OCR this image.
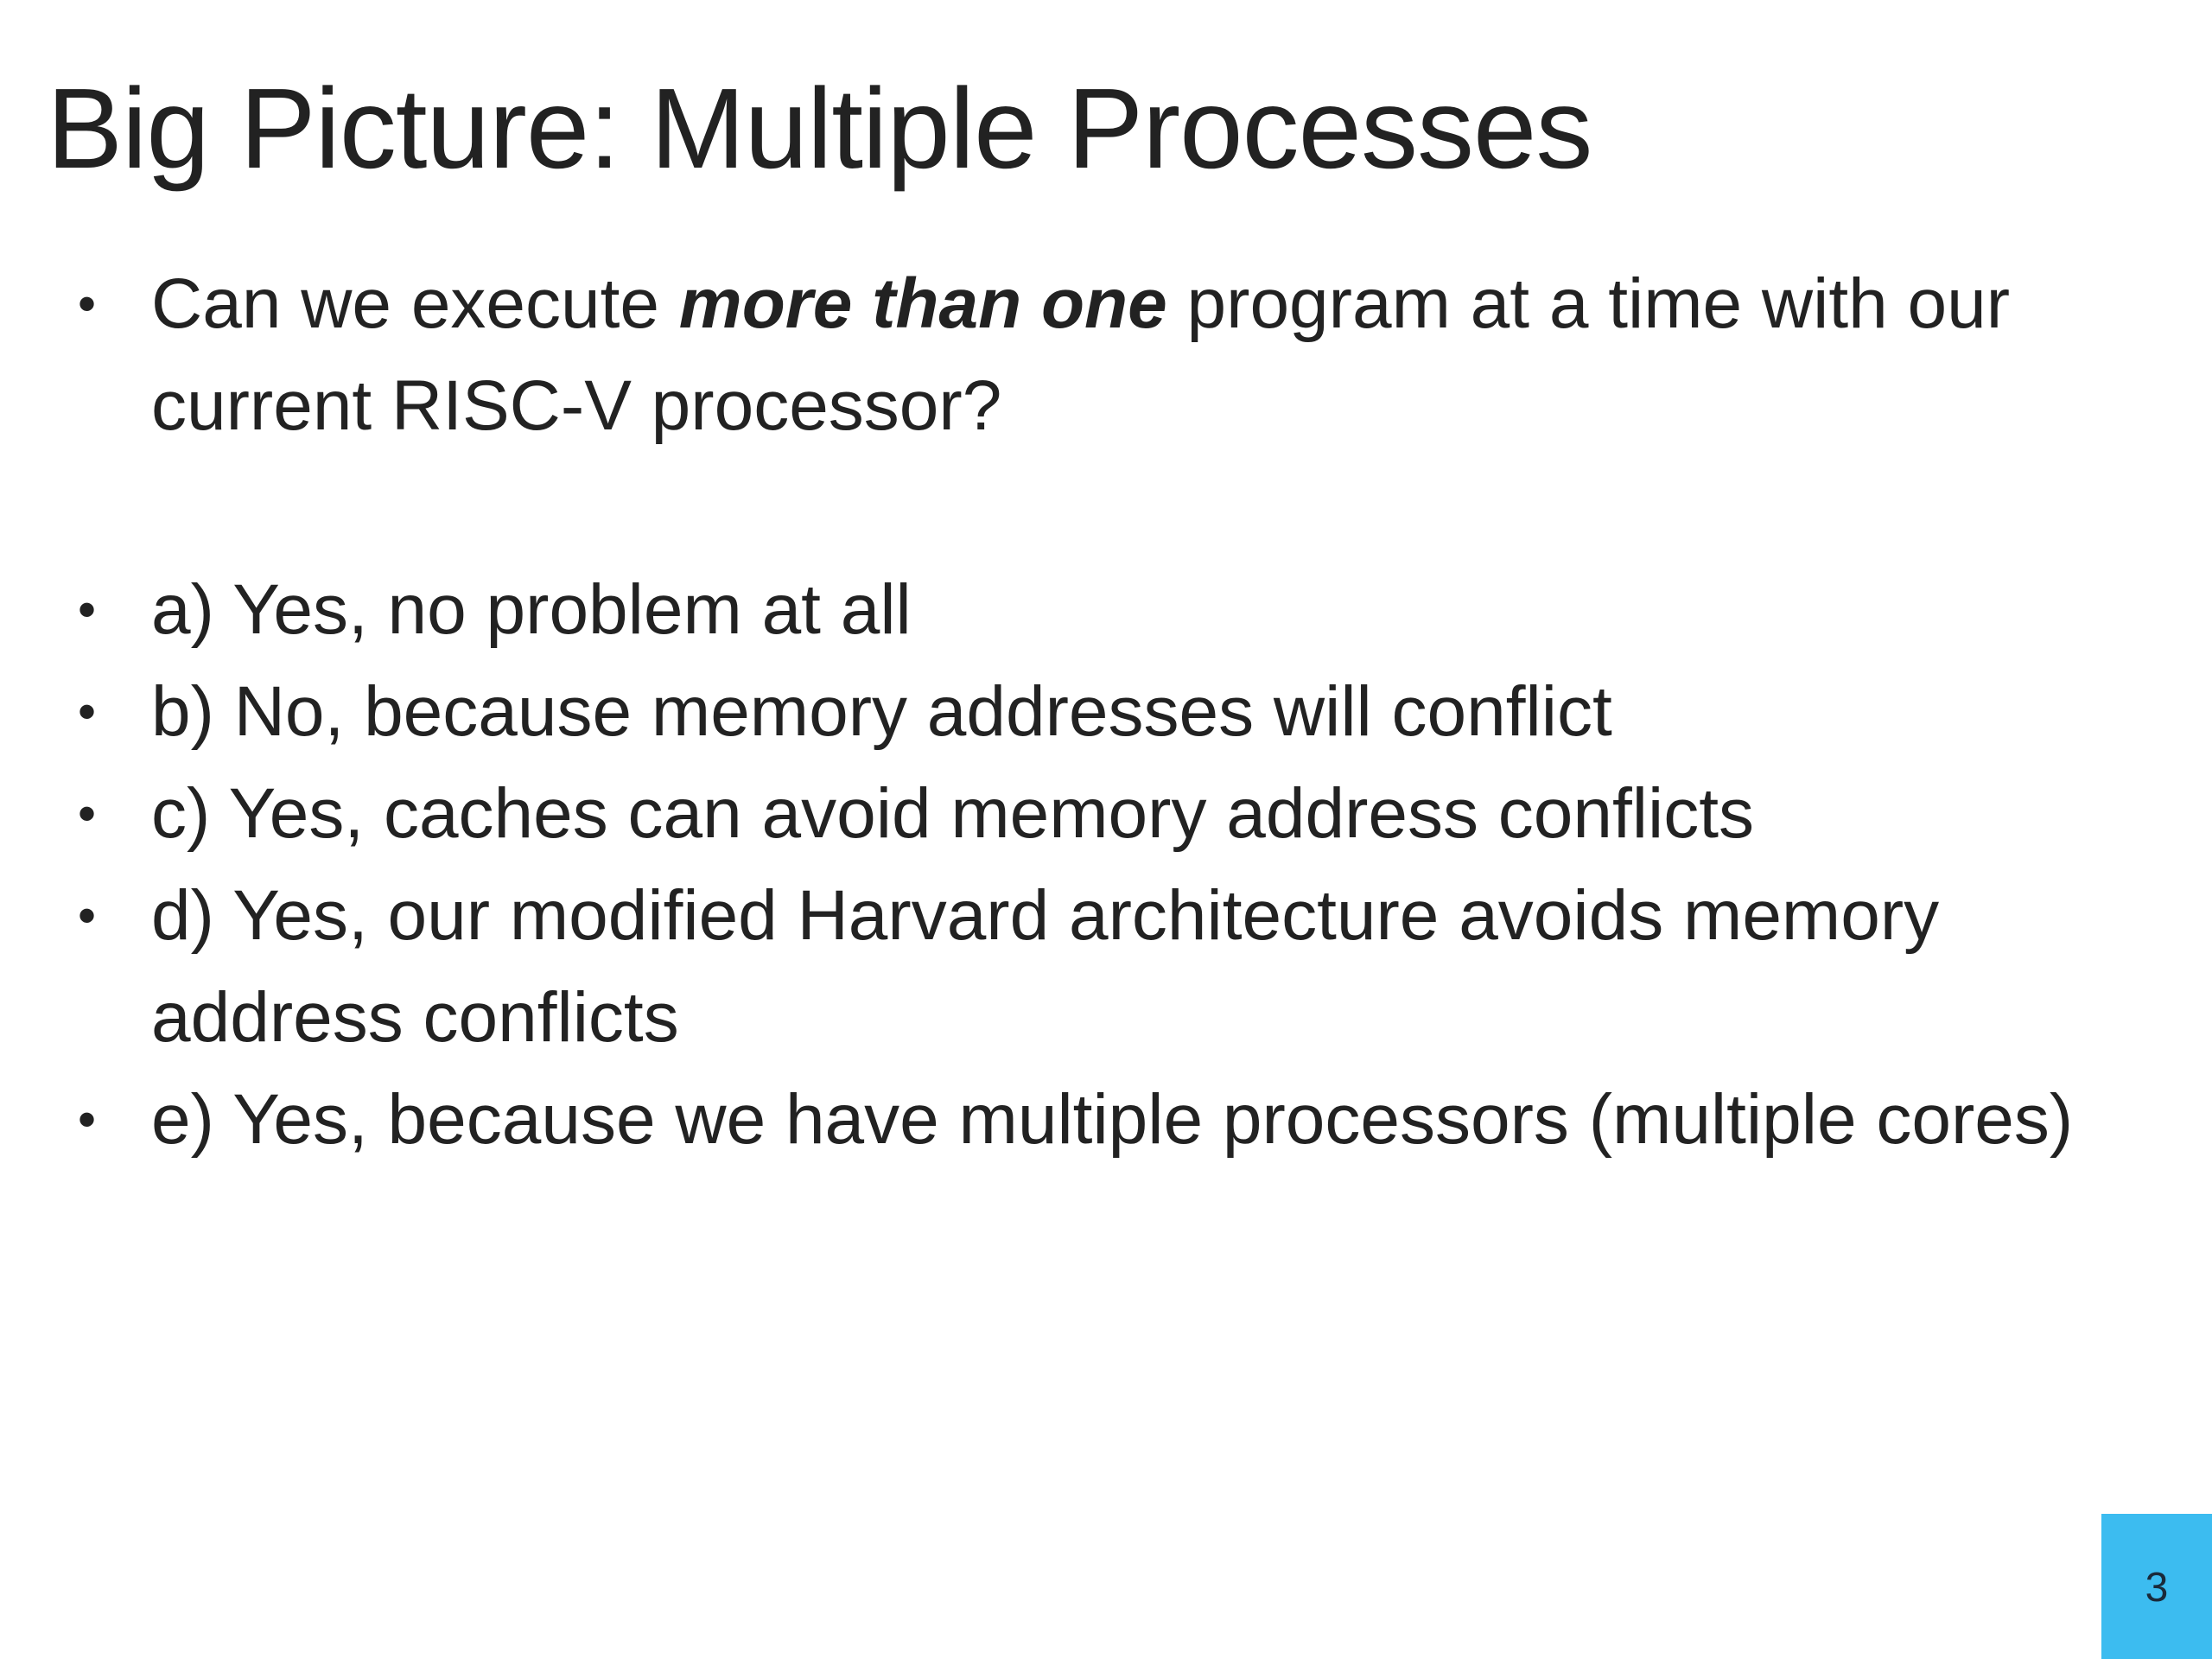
Big Picture: Multiple Processes
• Can we execute more than one program at a time with our current RISC-V processor?
• a) Yes, no problem at all
• b) No, because memory addresses will conflict
• c) Yes, caches can avoid memory address conflicts
• d) Yes, our modified Harvard architecture avoids memory address conflicts
• e) Yes, because we have multiple processors (multiple cores)
3
